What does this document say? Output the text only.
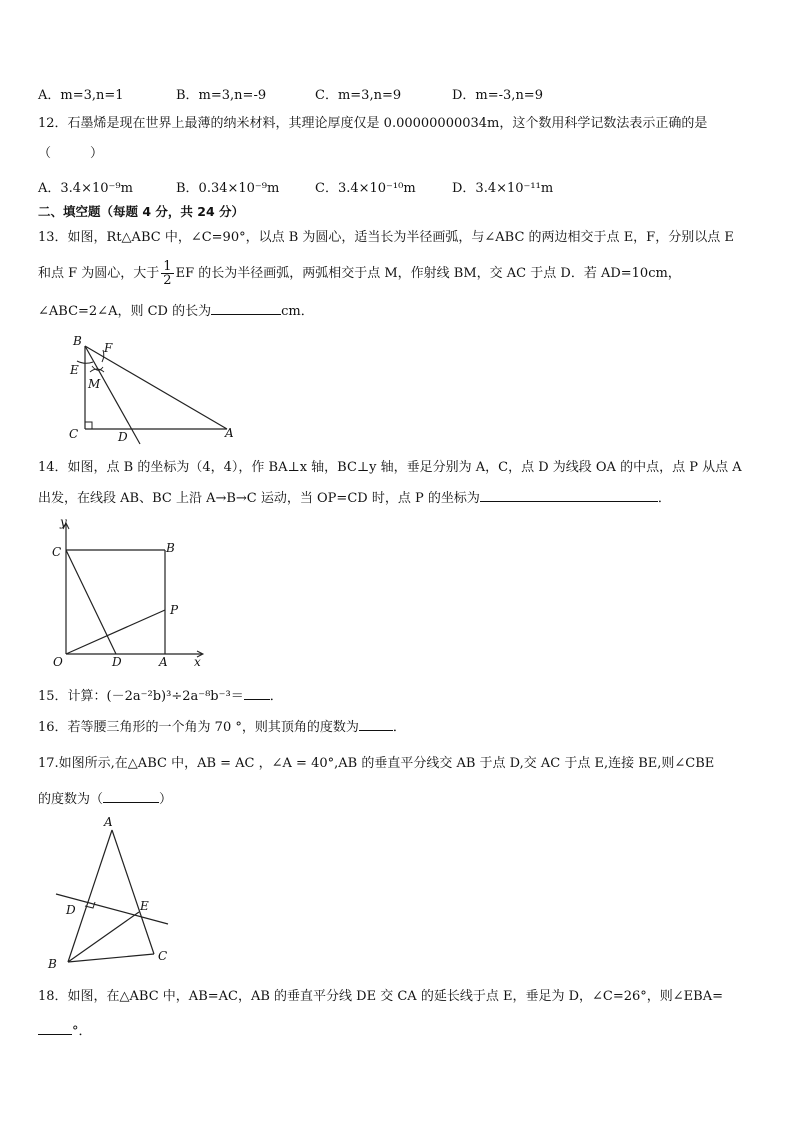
A．m=3,n=1	B．m=3,n=-9	C．m=3,n=9	D．m=-3,n=9
12．石墨烯是现在世界上最薄的纳米材料，其理论厚度仅是 0.00000000034m，这个数用科学记数法表示正确的是
（　　　）
A．3.4×10⁻⁹m	B．0.34×10⁻⁹m	C．3.4×10⁻¹⁰m	D．3.4×10⁻¹¹m
二、填空题（每题 4 分，共 24 分）
13．如图，Rt△ABC 中，∠C=90°，以点 B 为圆心，适当长为半径画弧，与∠ABC 的两边相交于点 E，F，分别以点 E
和点 F 为圆心，大于 $\frac{1}{2}$ EF 的长为半径画弧，两弧相交于点 M，作射线 BM，交 AC 于点 D．若 AD=10cm，
∠ABC=2∠A，则 CD 的长为	cm．
B F
E
M
C	D	A
14．如图，点 B 的坐标为（4，4），作 BA⊥x 轴，BC⊥y 轴，垂足分别为 A，C，点 D 为线段 OA 的中点，点 P 从点 A
出发，在线段 AB、BC 上沿 A→B→C 运动，当 OP=CD 时，点 P 的坐标为	．
y
C	B
P
O	D	A x
15．计算：(－2a⁻²b)³÷2a⁻⁸b⁻³＝ ．
16．若等腰三角形的一个角为 70 °，则其顶角的度数为	．
17.如图所示,在△ABC 中，AB = AC ，∠A = 40°,AB 的垂直平分线交 AB 于点 D,交 AC 于点 E,连接 BE,则∠CBE
的度数为（	）
A
D	E
B
C
18．如图，在△ABC 中，AB=AC，AB 的垂直平分线 DE 交 CA 的延长线于点 E，垂足为 D，∠C=26°，则∠EBA=
°．
